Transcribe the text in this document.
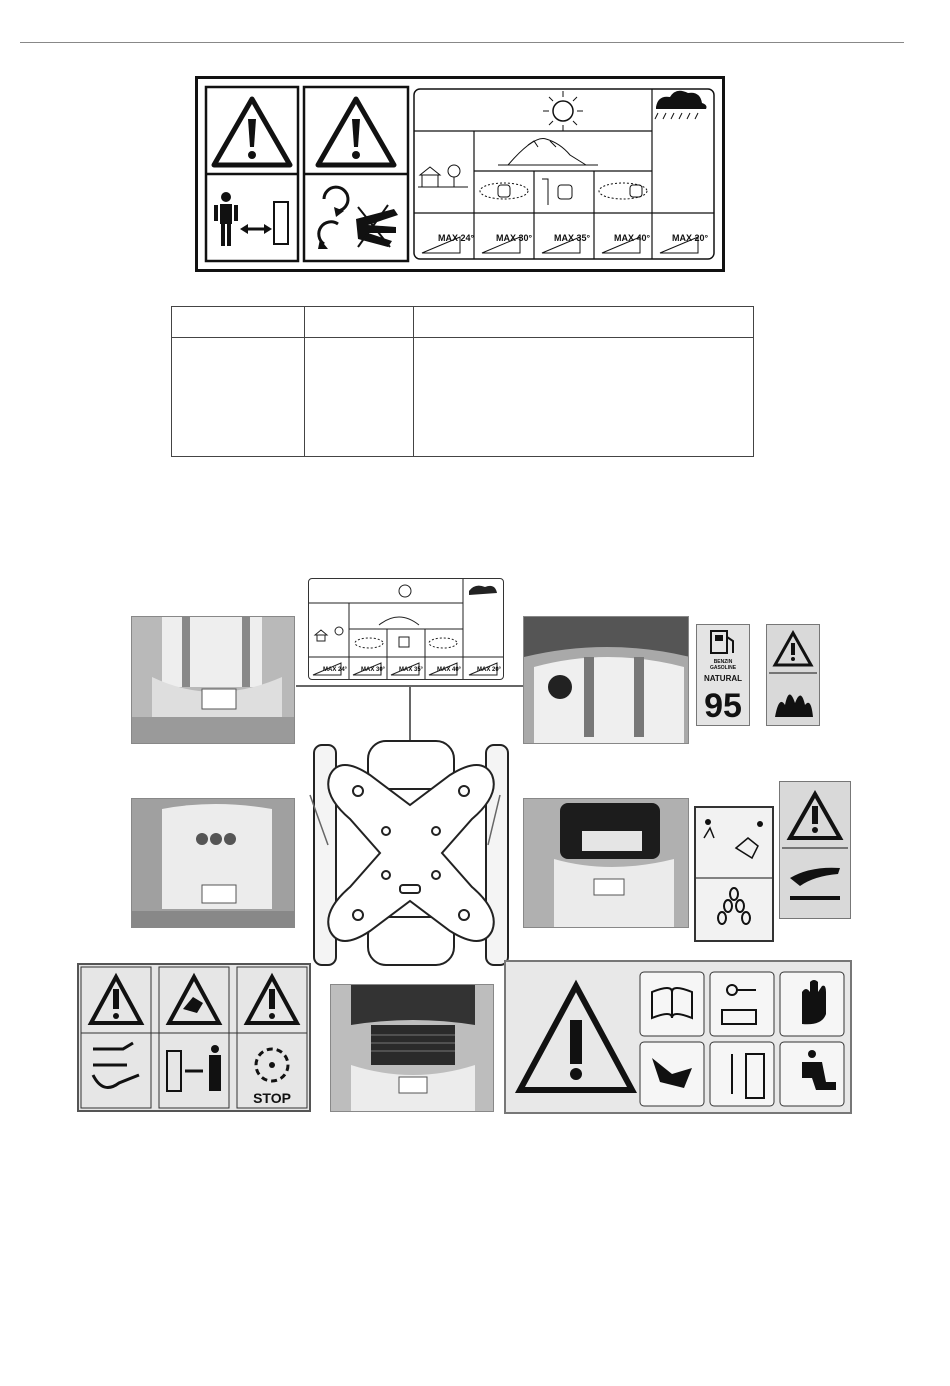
MAX 24° MAX 30° MAX 35°	MAX 40° MAX 20°

MAX 24° MAX 30° MAX 35° MAX 40°	MAX 20°
BENZIN
GASOLINE
NATURAL
95
STOP
